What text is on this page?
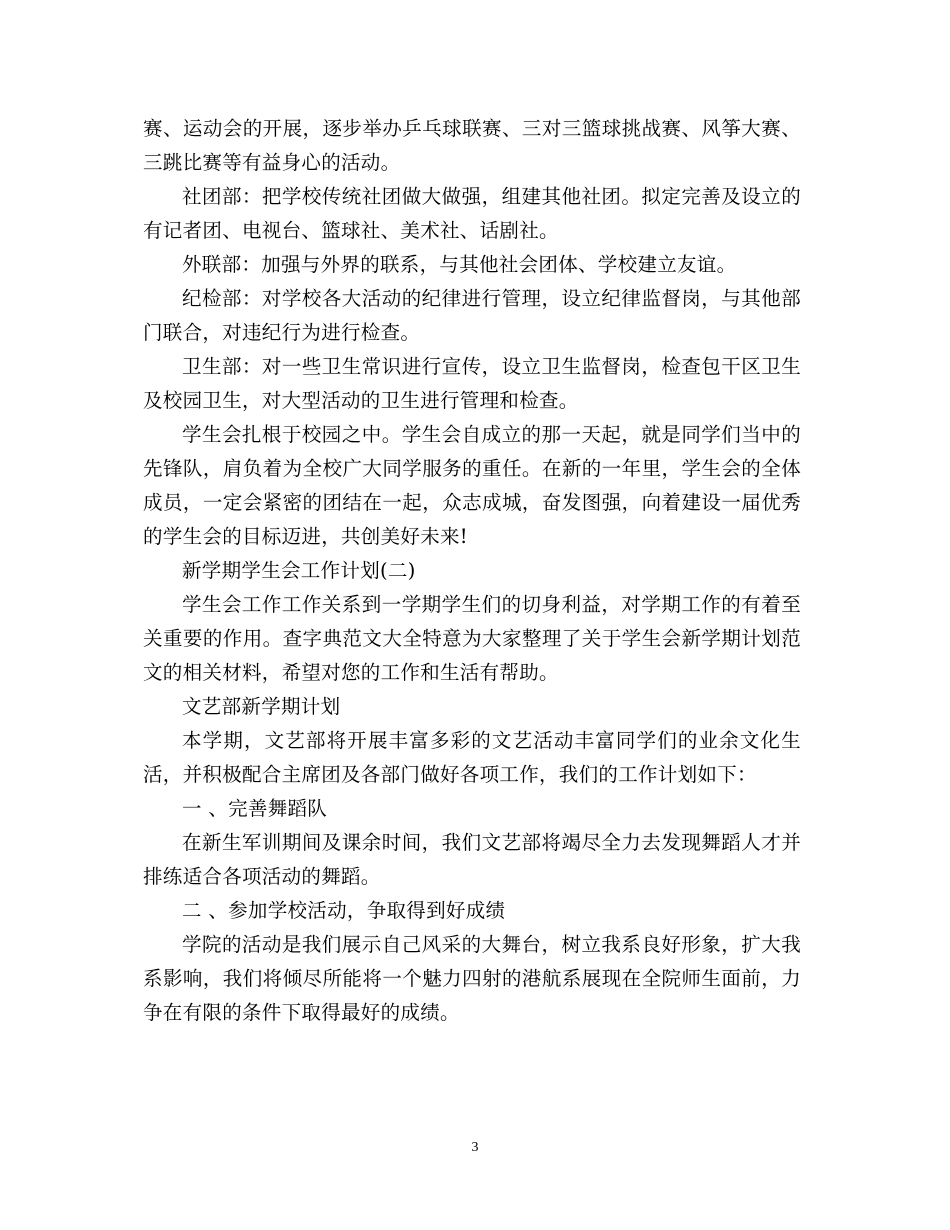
赛、运动会的开展，逐步举办乒乓球联赛、三对三篮球挑战赛、风筝大赛、三跳比赛等有益身心的活动。

社团部：把学校传统社团做大做强，组建其他社团。拟定完善及设立的有记者团、电视台、篮球社、美术社、话剧社。

外联部：加强与外界的联系，与其他社会团体、学校建立友谊。

纪检部：对学校各大活动的纪律进行管理，设立纪律监督岗，与其他部门联合，对违纪行为进行检查。

卫生部：对一些卫生常识进行宣传，设立卫生监督岗，检查包干区卫生及校园卫生，对大型活动的卫生进行管理和检查。

学生会扎根于校园之中。学生会自成立的那一天起，就是同学们当中的先锋队，肩负着为全校广大同学服务的重任。在新的一年里，学生会的全体成员，一定会紧密的团结在一起，众志成城，奋发图强，向着建设一届优秀的学生会的目标迈进，共创美好未来!

新学期学生会工作计划(二)

学生会工作工作关系到一学期学生们的切身利益，对学期工作的有着至关重要的作用。查字典范文大全特意为大家整理了关于学生会新学期计划范文的相关材料，希望对您的工作和生活有帮助。

文艺部新学期计划

本学期，文艺部将开展丰富多彩的文艺活动丰富同学们的业余文化生活，并积极配合主席团及各部门做好各项工作，我们的工作计划如下：

一 、完善舞蹈队

在新生军训期间及课余时间，我们文艺部将竭尽全力去发现舞蹈人才并排练适合各项活动的舞蹈。

二 、参加学校活动，争取得到好成绩

学院的活动是我们展示自己风采的大舞台，树立我系良好形象，扩大我系影响，我们将倾尽所能将一个魅力四射的港航系展现在全院师生面前，力争在有限的条件下取得最好的成绩。

3
